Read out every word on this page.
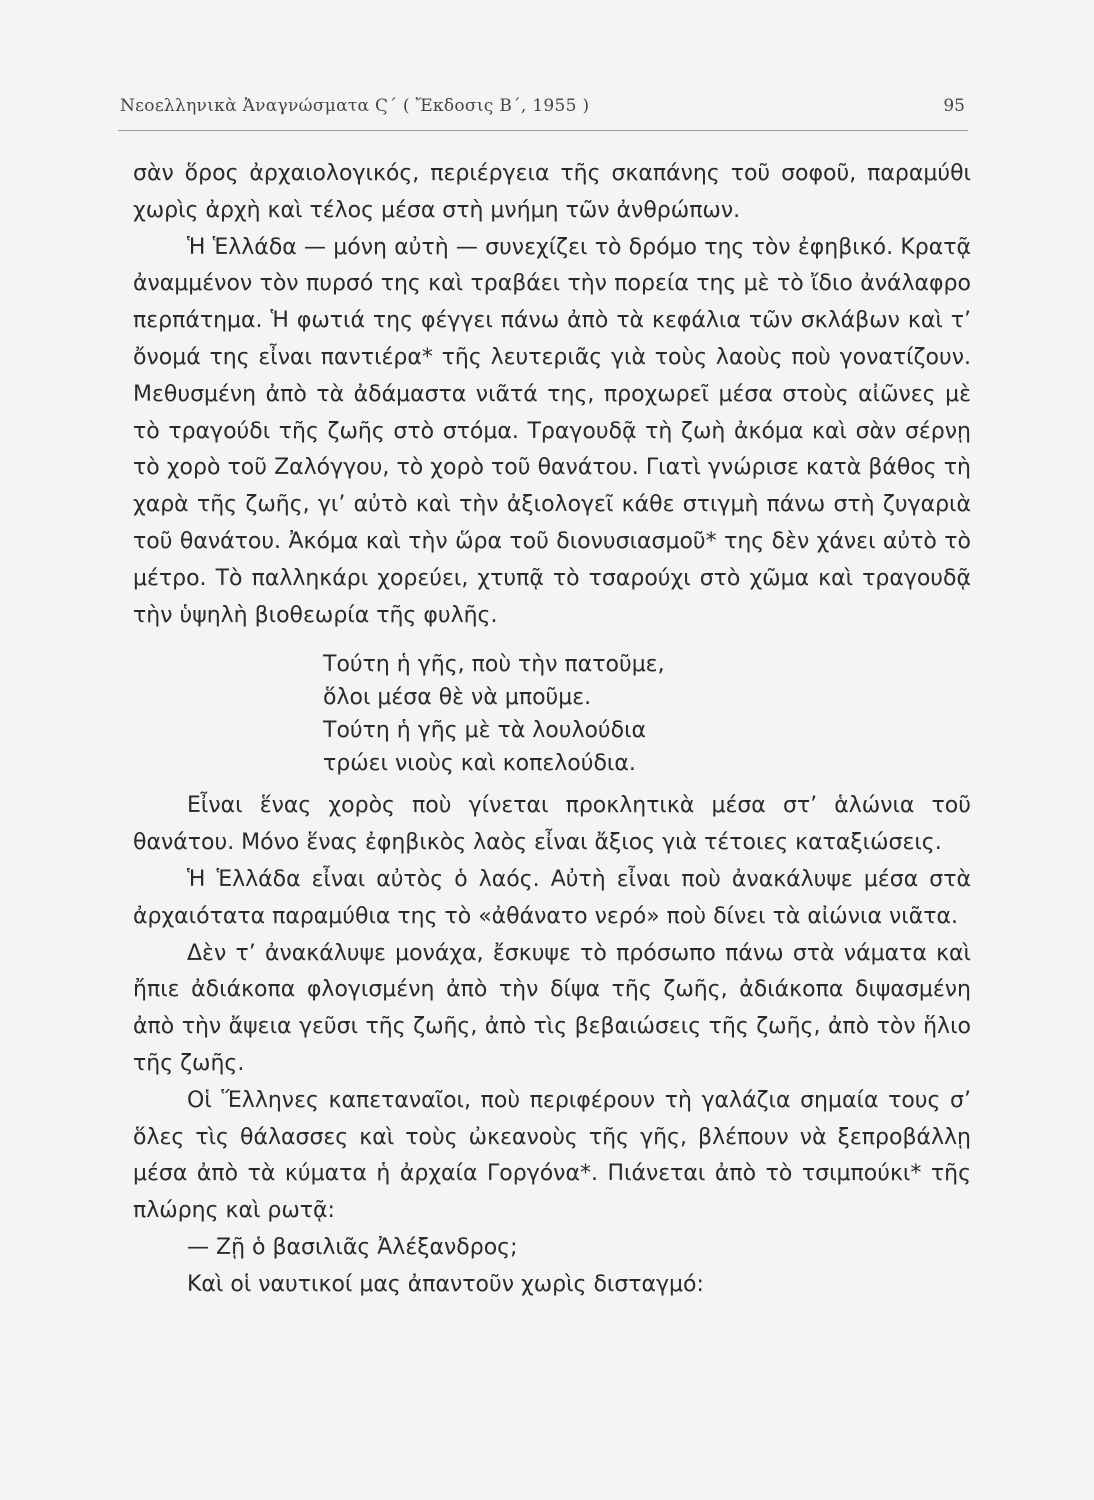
Νεοελληνικὰ Ἀναγνώσματα Ϛ΄ ( Ἔκδοσις Β΄, 1955 )	95

σὰν ὅρος ἀρχαιολογικός, περιέργεια τῆς σκαπάνης τοῦ σοφοῦ, παραμύθι χωρὶς ἀρχὴ καὶ τέλος μέσα στὴ μνήμη τῶν ἀνθρώπων.

Ἡ Ἑλλάδα — μόνη αὐτὴ — συνεχίζει τὸ δρόμο της τὸν ἐφηβικό. Κρατᾷ ἀναμμένον τὸν πυρσό της καὶ τραβάει τὴν πορεία της μὲ τὸ ἴδιο ἀνάλαφρο περπάτημα. Ἡ φωτιά της φέγγει πάνω ἀπὸ τὰ κεφάλια τῶν σκλάβων καὶ τ’ ὄνομά της εἶναι παντιέρα* τῆς λευτεριᾶς γιὰ τοὺς λαοὺς ποὺ γονατίζουν. Μεθυσμένη ἀπὸ τὰ ἀδάμαστα νιᾶτά της, προχωρεῖ μέσα στοὺς αἰῶνες μὲ τὸ τραγούδι τῆς ζωῆς στὸ στόμα. Τραγουδᾷ τὴ ζωὴ ἀκόμα καὶ σὰν σέρνῃ τὸ χορὸ τοῦ Ζαλόγγου, τὸ χορὸ τοῦ θανάτου. Γιατὶ γνώρισε κατὰ βάθος τὴ χαρὰ τῆς ζωῆς, γι’ αὐτὸ καὶ τὴν ἀξιολογεῖ κάθε στιγμὴ πάνω στὴ ζυγαριὰ τοῦ θανάτου. Ἀκόμα καὶ τὴν ὥρα τοῦ διονυσιασμοῦ* της δὲν χάνει αὐτὸ τὸ μέτρο. Τὸ παλληκάρι χορεύει, χτυπᾷ τὸ τσαρούχι στὸ χῶμα καὶ τραγουδᾷ τὴν ὑψηλὴ βιοθεωρία τῆς φυλῆς.

Τούτη ἡ γῆς, ποὺ τὴν πατοῦμε,
ὅλοι μέσα θὲ νὰ μποῦμε.
Τούτη ἡ γῆς μὲ τὰ λουλούδια
τρώει νιοὺς καὶ κοπελούδια.

Εἶναι ἕνας χορὸς ποὺ γίνεται προκλητικὰ μέσα στ’ ἁλώνια τοῦ θανάτου. Μόνο ἕνας ἐφηβικὸς λαὸς εἶναι ἄξιος γιὰ τέτοιες καταξιώσεις.

Ἡ Ἑλλάδα εἶναι αὐτὸς ὁ λαός. Αὐτὴ εἶναι ποὺ ἀνακάλυψε μέσα στὰ ἀρχαιότατα παραμύθια της τὸ «ἀθάνατο νερό» ποὺ δίνει τὰ αἰώνια νιᾶτα.

Δὲν τ’ ἀνακάλυψε μονάχα, ἔσκυψε τὸ πρόσωπο πάνω στὰ νάματα καὶ ἤπιε ἀδιάκοπα φλογισμένη ἀπὸ τὴν δίψα τῆς ζωῆς, ἀδιάκοπα διψασμένη ἀπὸ τὴν ἄψεια γεῦσι τῆς ζωῆς, ἀπὸ τὶς βεβαιώσεις τῆς ζωῆς, ἀπὸ τὸν ἥλιο τῆς ζωῆς.

Οἱ Ἕλληνες καπεταναῖοι, ποὺ περιφέρουν τὴ γαλάζια σημαία τους σ’ ὅλες τὶς θάλασσες καὶ τοὺς ὠκεανοὺς τῆς γῆς, βλέπουν νὰ ξεπροβάλλῃ μέσα ἀπὸ τὰ κύματα ἡ ἀρχαία Γοργόνα*. Πιάνεται ἀπὸ τὸ τσιμπούκι* τῆς πλώρης καὶ ρωτᾷ:

— Ζῇ ὁ βασιλιᾶς Ἀλέξανδρος;

Καὶ οἱ ναυτικοί μας ἀπαντοῦν χωρὶς δισταγμό:
